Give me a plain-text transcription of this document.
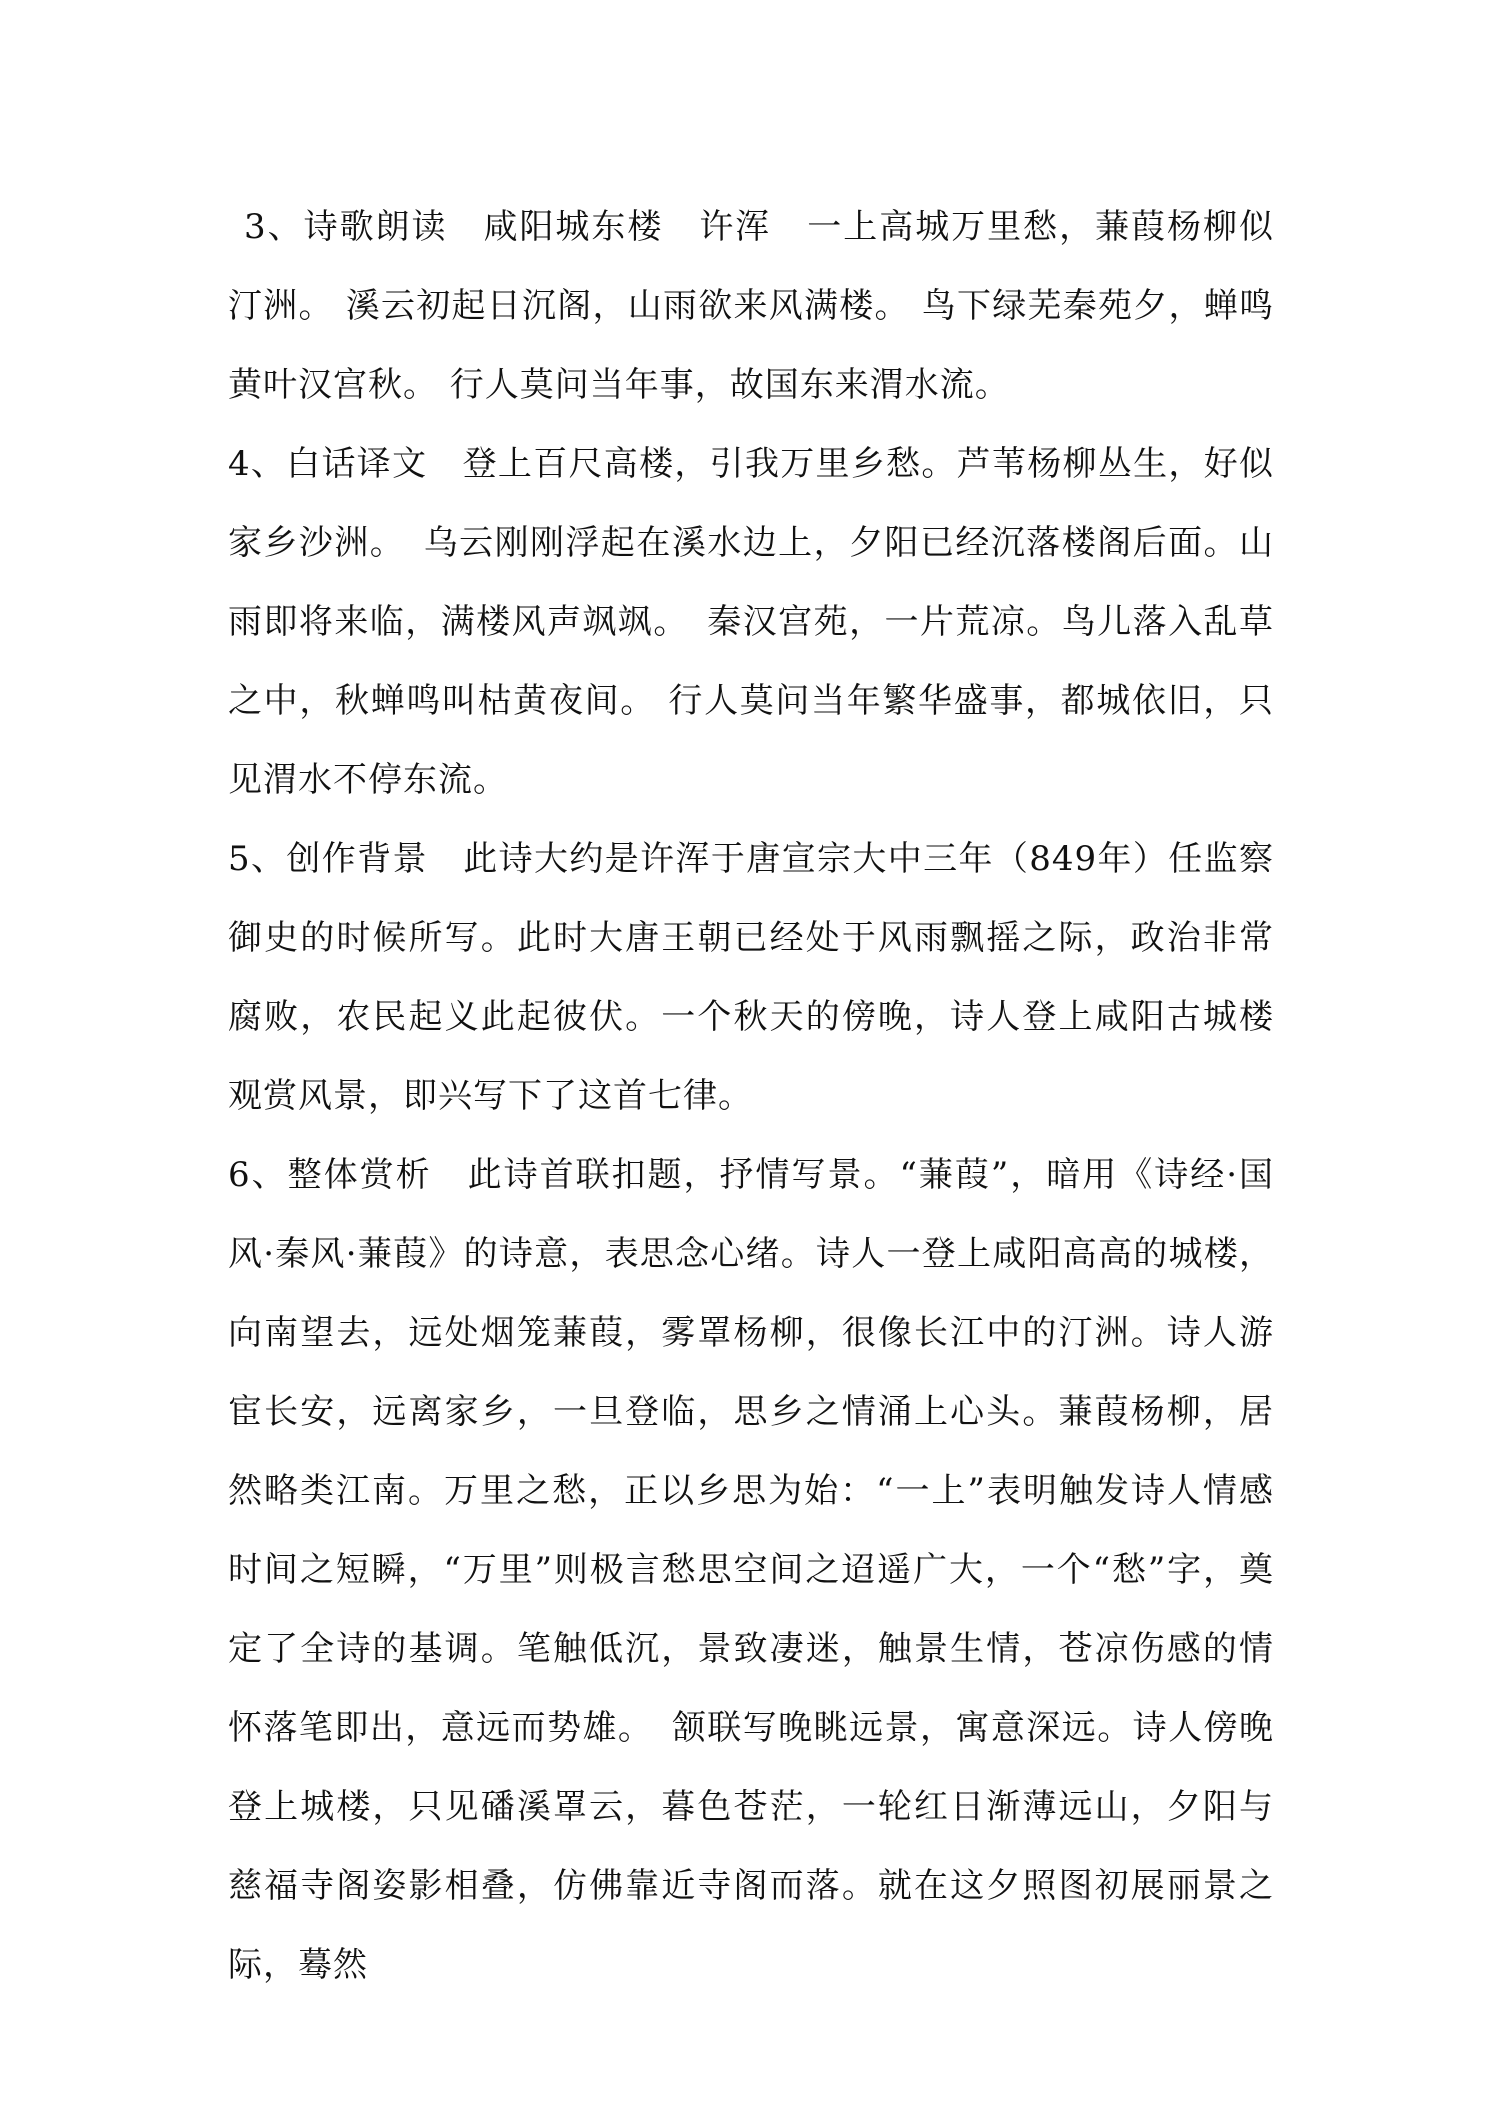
3、诗歌朗读　咸阳城东楼　许浑　一上高城万里愁，蒹葭杨柳似汀洲。 溪云初起日沉阁，山雨欲来风满楼。 鸟下绿芜秦苑夕，蝉鸣黄叶汉宫秋。 行人莫问当年事，故国东来渭水流。

4、白话译文　登上百尺高楼，引我万里乡愁。芦苇杨柳丛生，好似家乡沙洲。　乌云刚刚浮起在溪水边上，夕阳已经沉落楼阁后面。山雨即将来临，满楼风声飒飒。　秦汉宫苑，一片荒凉。鸟儿落入乱草之中，秋蝉鸣叫枯黄夜间。 行人莫问当年繁华盛事，都城依旧，只见渭水不停东流。

5、创作背景　此诗大约是许浑于唐宣宗大中三年（849年）任监察御史的时候所写。此时大唐王朝已经处于风雨飘摇之际，政治非常腐败，农民起义此起彼伏。一个秋天的傍晚，诗人登上咸阳古城楼观赏风景，即兴写下了这首七律。

6、整体赏析　此诗首联扣题，抒情写景。“蒹葭”，暗用《诗经·国风·秦风·蒹葭》的诗意，表思念心绪。诗人一登上咸阳高高的城楼，向南望去，远处烟笼蒹葭，雾罩杨柳，很像长江中的汀洲。诗人游宦长安，远离家乡，一旦登临，思乡之情涌上心头。蒹葭杨柳，居然略类江南。万里之愁，正以乡思为始：“一上”表明触发诗人情感时间之短瞬，“万里”则极言愁思空间之迢遥广大，一个“愁”字，奠定了全诗的基调。笔触低沉，景致凄迷，触景生情，苍凉伤感的情怀落笔即出，意远而势雄。　颔联写晚眺远景，寓意深远。诗人傍晚登上城楼，只见磻溪罩云，暮色苍茫，一轮红日渐薄远山，夕阳与慈福寺阁姿影相叠，仿佛靠近寺阁而落。就在这夕照图初展丽景之际，蓦然
